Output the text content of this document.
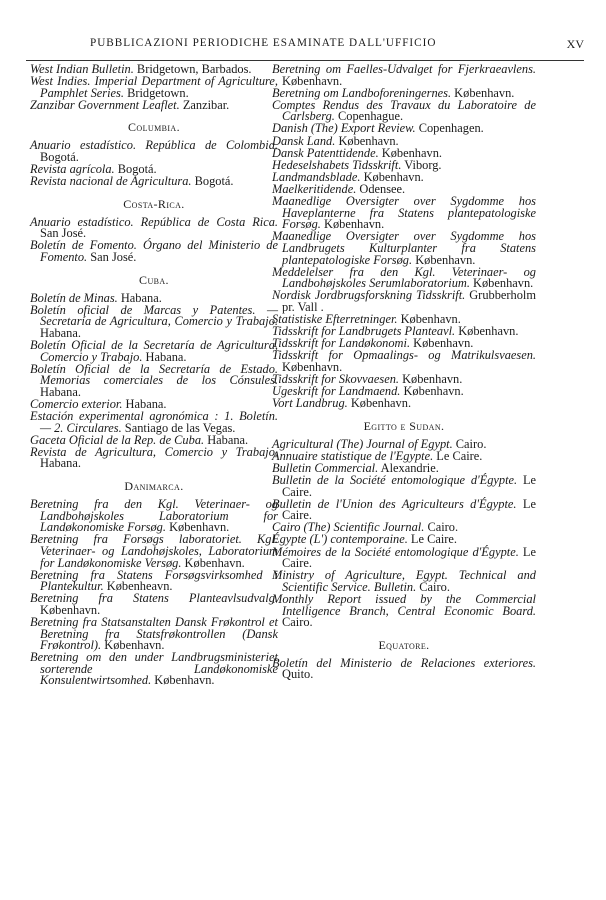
PUBBLICAZIONI PERIODICHE ESAMINATE DALL'UFFICIO	XV

West Indian Bulletin. Bridgetown, Barbados.

West Indies. Imperial Department of Agriculture, Pamphlet Series. Bridgetown.

Zanzibar Government Leaflet. Zanzibar.

Columbia.

Anuario estadístico. República de Colombia. Bogotá.

Revista agrícola. Bogotá.

Revista nacional de Agricultura. Bogotá.

Costa-Rica.

Anuario estadístico. República de Costa Rica. San José.

Boletín de Fomento. Órgano del Ministerio de Fomento. San José.

Cuba.

Boletín de Minas. Habana.

Boletín oficial de Marcas y Patentes. — Secretaría de Agricultura, Comercio y Trabajo. Habana.

Boletín Oficial de la Secretaría de Agricultura, Comercio y Trabajo. Habana.

Boletín Oficial de la Secretaría de Estado. Memorias comerciales de los Cónsules. Habana.

Comercio exterior. Habana.

Estación experimental agronómica : 1. Boletín. — 2. Circulares. Santiago de las Vegas.

Gaceta Oficial de la Rep. de Cuba. Habana.

Revista de Agricultura, Comercio y Trabajo. Habana.

Danimarca.

Beretning fra den Kgl. Veterinaer- og Landbohøjskoles Laboratorium for Landøkonomiske Forsøg. København.

Beretning fra Forsøgs laboratoriet. Kgl. Veterinaer- og Landohøjskoles, Laboratorium for Landøkonomiske Versøg. København.

Beretning fra Statens Forsøgsvirksomhed i Plantekultur. Københeavn.

Beretning fra Statens Planteavlsudvalg. København.

Beretning fra Statsanstalten Dansk Frøkontrol et Beretning fra Statsfrøkontrollen (Dansk Frøkontrol). København.

Beretning om den under Landbrugsministeriet sorterende Landøkonomiske Konsulentwirtsomhed. København.

Beretning om Faelles-Udvalget for Fjerkraeavlens. København.

Beretning om Landboforeningernes. København.

Comptes Rendus des Travaux du Laboratoire de Carlsberg. Copenhague.

Danish (The) Export Review. Copenhagen.

Dansk Land. København.

Dansk Patenttidende. København.

Hedeselshabets Tidsskrift. Viborg.

Landmandsblade. København.

Maelkeritidende. Odensee.

Maanedlige Oversigter over Sygdomme hos Haveplanterne fra Statens plantepatologiske Forsøg. København.

Maanedlige Oversigter over Sygdomme hos Landbrugets Kulturplanter fra Statens plantepatologiske Forsøg. København.

Meddelelser fra den Kgl. Veterinaer- og Landbohøjskoles Serumlaboratorium. København.

Nordisk Jordbrugsforskning Tidsskrift. Grubberholm pr. Vall .

Statistiske Efterretninger. København.

Tidsskrift for Landbrugets Planteavl. København.

Tidsskrift for Landøkonomi. København.

Tidsskrift for Opmaalings- og Matrikulsvaesen. København.

Tidsskrift for Skovvaesen. København.

Ugeskrift for Landmaend. København.

Vort Landbrug. København.

Egitto e Sudan.

Agricultural (The) Journal of Egypt. Cairo.

Annuaire statistique de l'Egypte. Le Caire.

Bulletin Commercial. Alexandrie.

Bulletin de la Société entomologique d'Égypte. Le Caire.

Bulletin de l'Union des Agriculteurs d'Égypte. Le Caire.

Cairo (The) Scientific Journal. Cairo.

Égypte (L') contemporaine. Le Caire.

Mémoires de la Société entomologique d'Égypte. Le Caire.

Ministry of Agriculture, Egypt. Technical and Scientific Service. Bulletin. Cairo.

Monthly Report issued by the Commercial Intelligence Branch, Central Economic Board. Cairo.

Equatore.

Boletín del Ministerio de Relaciones exteriores. Quito.
